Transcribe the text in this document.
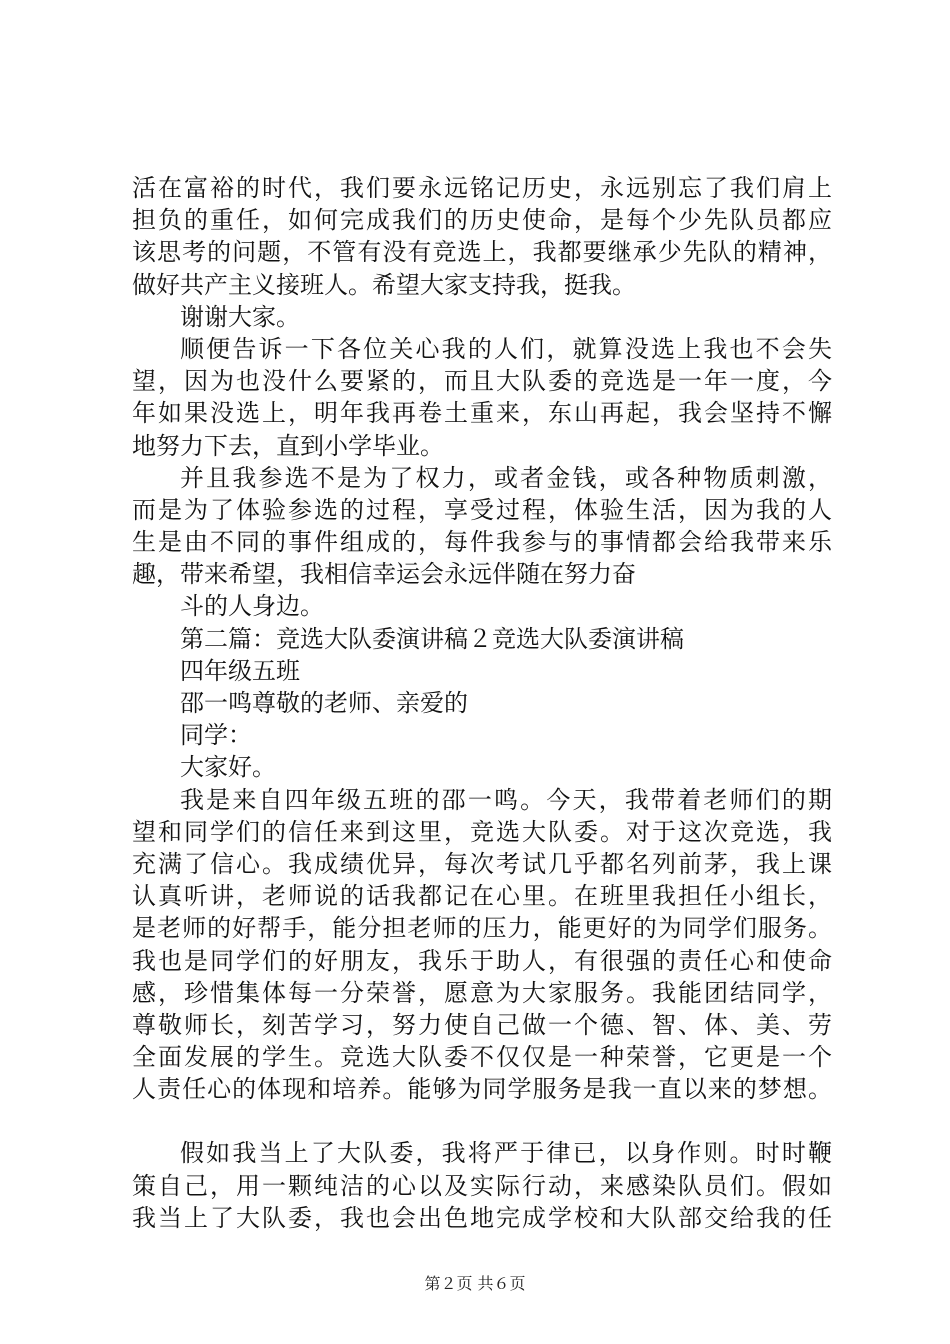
活在富裕的时代，我们要永远铭记历史，永远别忘了我们肩上
担负的重任，如何完成我们的历史使命，是每个少先队员都应
该思考的问题，不管有没有竞选上，我都要继承少先队的精神，
做好共产主义接班人。希望大家支持我，挺我。
谢谢大家。
顺便告诉一下各位关心我的人们，就算没选上我也不会失
望，因为也没什么要紧的，而且大队委的竞选是一年一度，今
年如果没选上，明年我再卷土重来，东山再起，我会坚持不懈
地努力下去，直到小学毕业。
并且我参选不是为了权力，或者金钱，或各种物质刺激，
而是为了体验参选的过程，享受过程，体验生活，因为我的人
生是由不同的事件组成的，每件我参与的事情都会给我带来乐
趣，带来希望，我相信幸运会永远伴随在努力奋
斗的人身边。
第二篇：竞选大队委演讲稿２竞选大队委演讲稿
四年级五班
邵一鸣尊敬的老师、亲爱的
同学：
大家好。
我是来自四年级五班的邵一鸣。今天，我带着老师们的期
望和同学们的信任来到这里，竞选大队委。对于这次竞选，我
充满了信心。我成绩优异，每次考试几乎都名列前茅，我上课
认真听讲，老师说的话我都记在心里。在班里我担任小组长，
是老师的好帮手，能分担老师的压力，能更好的为同学们服务。
我也是同学们的好朋友，我乐于助人，有很强的责任心和使命
感，珍惜集体每一分荣誉，愿意为大家服务。我能团结同学，
尊敬师长，刻苦学习，努力使自己做一个德、智、体、美、劳
全面发展的学生。竞选大队委不仅仅是一种荣誉，它更是一个
人责任心的体现和培养。能够为同学服务是我一直以来的梦想。
假如我当上了大队委，我将严于律已，以身作则。时时鞭
策自己，用一颗纯洁的心以及实际行动，来感染队员们。假如
我当上了大队委，我也会出色地完成学校和大队部交给我的任
第２页 共６页
